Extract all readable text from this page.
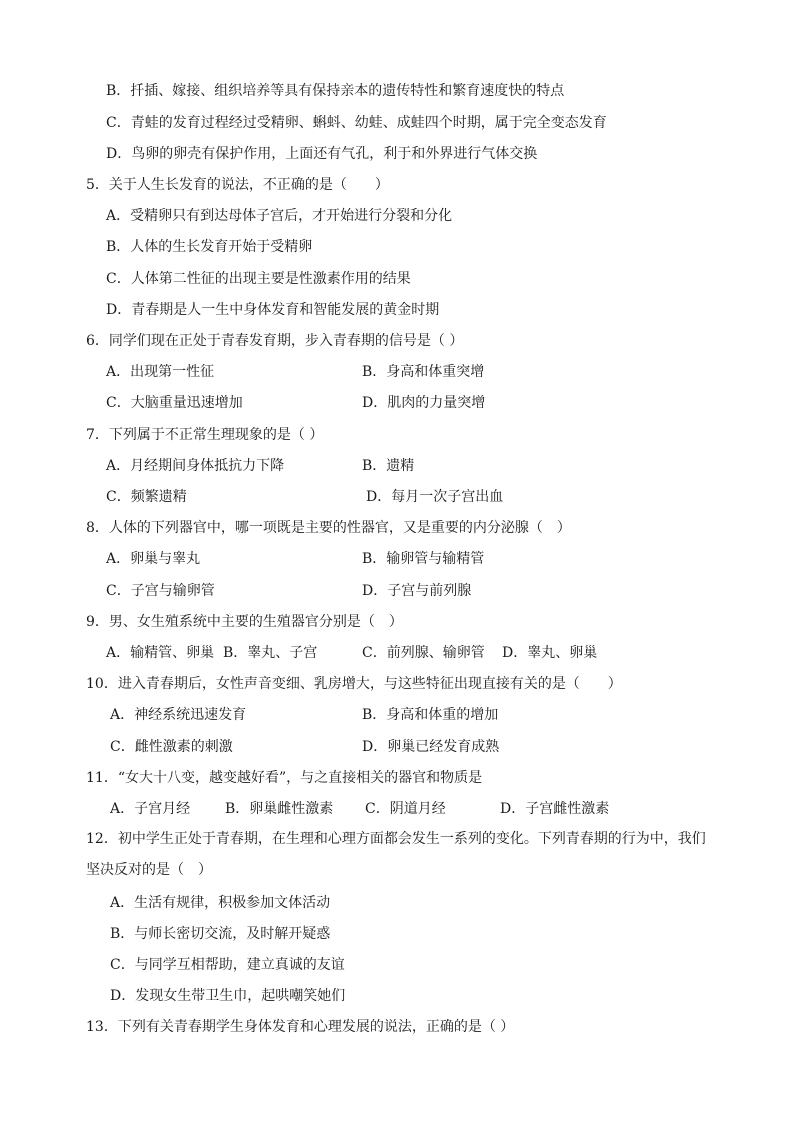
B．扦插、嫁接、组织培养等具有保持亲本的遗传特性和繁育速度快的特点
C．青蛙的发育过程经过受精卵、蝌蚪、幼蛙、成蛙四个时期，属于完全变态发育
D．鸟卵的卵壳有保护作用，上面还有气孔，利于和外界进行气体交换
5．关于人生长发育的说法，不正确的是（　　）
A．受精卵只有到达母体子宫后，才开始进行分裂和分化
B．人体的生长发育开始于受精卵
C．人体第二性征的出现主要是性激素作用的结果
D．青春期是人一生中身体发育和智能发展的黄金时期
6．同学们现在正处于青春发育期，步入青春期的信号是（ ）
A．出现第一性征	B．身高和体重突增
C．大脑重量迅速增加	D．肌肉的力量突增
7．下列属于不正常生理现象的是（ ）
A．月经期间身体抵抗力下降	B．遗精
C．频繁遗精	D．每月一次子宫出血
8．人体的下列器官中，哪一项既是主要的性器官，又是重要的内分泌腺（　）
A．卵巢与睾丸	B．输卵管与输精管
C．子宫与输卵管	D．子宫与前列腺
9．男、女生殖系统中主要的生殖器官分别是（　）
A．输精管、卵巢 B．睾丸、子宫	C．前列腺、输卵管 D．睾丸、卵巢
10．进入青春期后，女性声音变细、乳房增大，与这些特征出现直接有关的是（　　）
A．神经系统迅速发育	B．身高和体重的增加
C．雌性激素的刺激	D．卵巢已经发育成熟
11．“女大十八变，越变越好看”，与之直接相关的器官和物质是
A．子宫月经 B．卵巢雌性激素 C．阴道月经	D．子宫雌性激素
12．初中学生正处于青春期，在生理和心理方面都会发生一系列的变化。下列青春期的行为中，我们坚决反对的是（　）
A．生活有规律，积极参加文体活动
B．与师长密切交流，及时解开疑惑
C．与同学互相帮助，建立真诚的友谊
D．发现女生带卫生巾，起哄嘲笑她们
13．下列有关青春期学生身体发育和心理发展的说法，正确的是（ ）
